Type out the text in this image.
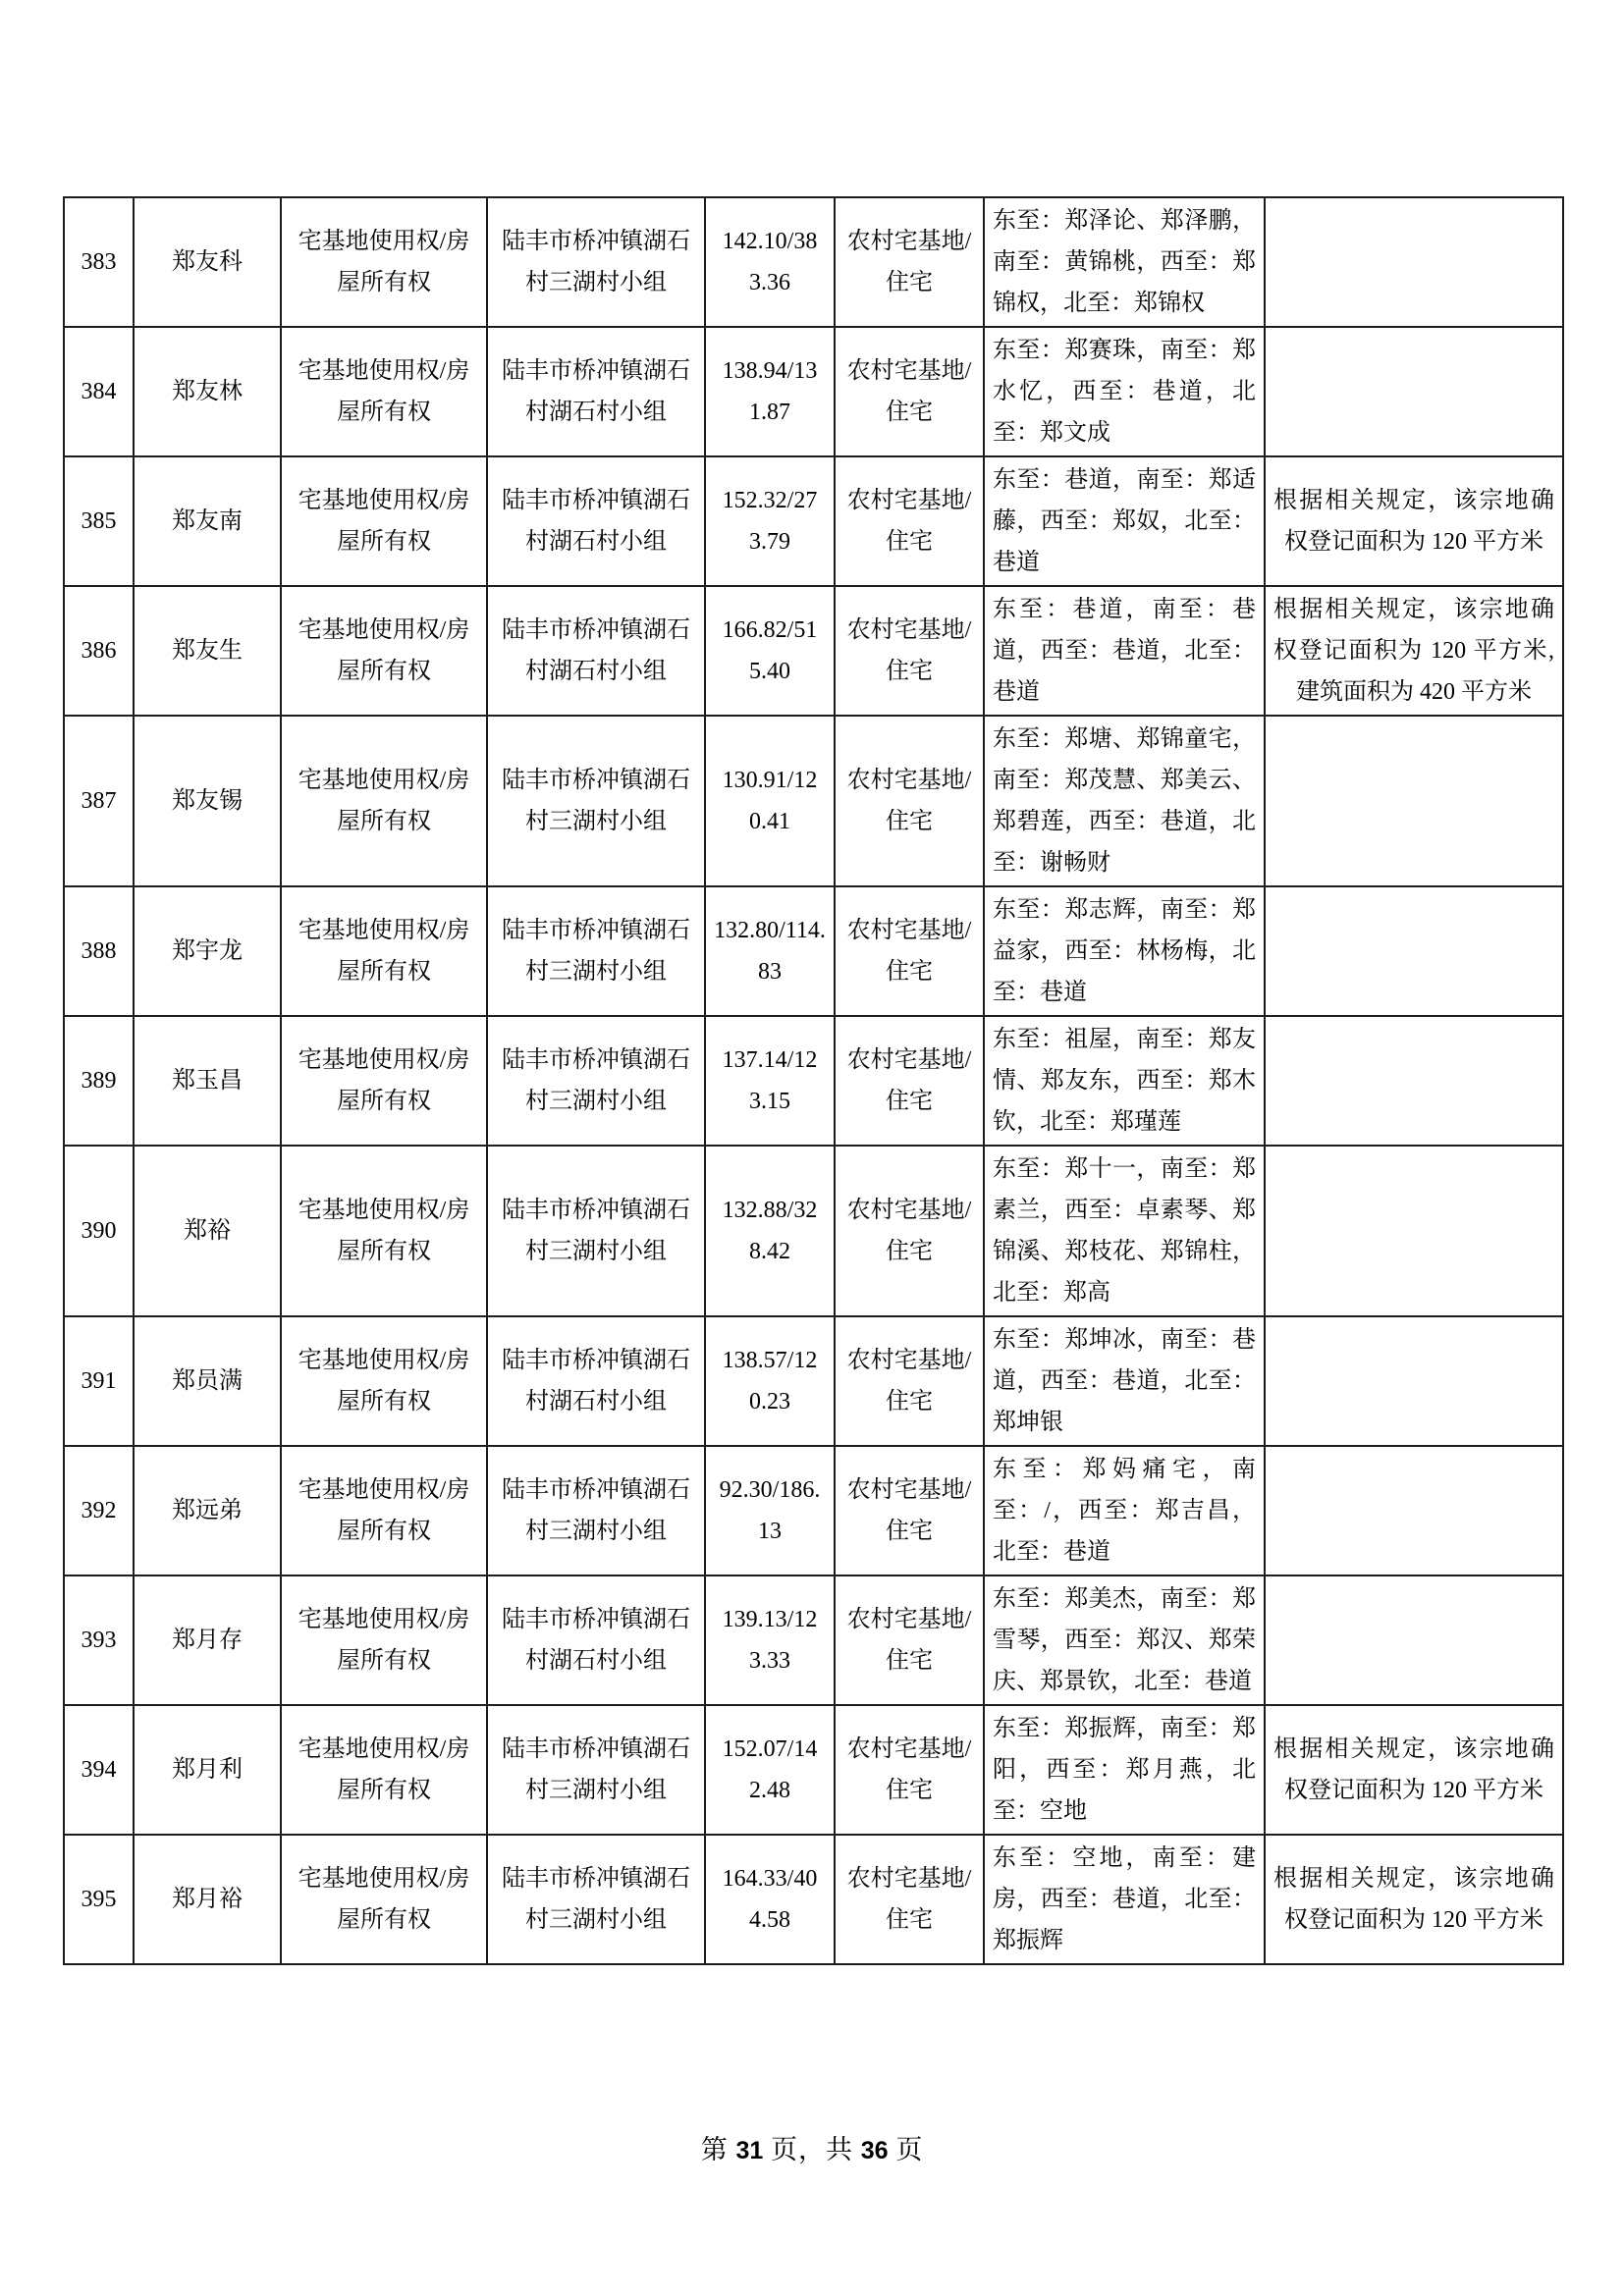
383	郑友科	宅基地使用权/房屋所有权	陆丰市桥冲镇湖石村三湖村小组	142.10/383.36	农村宅基地/住宅	东至：郑泽论、郑泽鹏，南至：黄锦桃，西至：郑锦权，北至：郑锦权	
384	郑友林	宅基地使用权/房屋所有权	陆丰市桥冲镇湖石村湖石村小组	138.94/131.87	农村宅基地/住宅	东至：郑赛珠，南至：郑水忆，西至：巷道，北至：郑文成	
385	郑友南	宅基地使用权/房屋所有权	陆丰市桥冲镇湖石村湖石村小组	152.32/273.79	农村宅基地/住宅	东至：巷道，南至：郑适藤，西至：郑奴，北至：巷道	根据相关规定，该宗地确权登记面积为 120 平方米
386	郑友生	宅基地使用权/房屋所有权	陆丰市桥冲镇湖石村湖石村小组	166.82/515.40	农村宅基地/住宅	东至：巷道，南至：巷道，西至：巷道，北至：巷道	根据相关规定，该宗地确权登记面积为 120 平方米,建筑面积为 420 平方米
387	郑友锡	宅基地使用权/房屋所有权	陆丰市桥冲镇湖石村三湖村小组	130.91/120.41	农村宅基地/住宅	东至：郑塘、郑锦童宅，南至：郑茂慧、郑美云、郑碧莲，西至：巷道，北至：谢畅财	
388	郑宇龙	宅基地使用权/房屋所有权	陆丰市桥冲镇湖石村三湖村小组	132.80/114.83	农村宅基地/住宅	东至：郑志辉，南至：郑益家，西至：林杨梅，北至：巷道	
389	郑玉昌	宅基地使用权/房屋所有权	陆丰市桥冲镇湖石村三湖村小组	137.14/123.15	农村宅基地/住宅	东至：祖屋，南至：郑友情、郑友东，西至：郑木钦，北至：郑瑾莲	
390	郑裕	宅基地使用权/房屋所有权	陆丰市桥冲镇湖石村三湖村小组	132.88/328.42	农村宅基地/住宅	东至：郑十一，南至：郑素兰，西至：卓素琴、郑锦溪、郑枝花、郑锦柱，北至：郑高	
391	郑员满	宅基地使用权/房屋所有权	陆丰市桥冲镇湖石村湖石村小组	138.57/120.23	农村宅基地/住宅	东至：郑坤冰，南至：巷道，西至：巷道，北至：郑坤银	
392	郑远弟	宅基地使用权/房屋所有权	陆丰市桥冲镇湖石村三湖村小组	92.30/186.13	农村宅基地/住宅	东至：郑妈痛宅，南至：/，西至：郑吉昌，北至：巷道	
393	郑月存	宅基地使用权/房屋所有权	陆丰市桥冲镇湖石村湖石村小组	139.13/123.33	农村宅基地/住宅	东至：郑美杰，南至：郑雪琴，西至：郑汉、郑荣庆、郑景钦，北至：巷道	
394	郑月利	宅基地使用权/房屋所有权	陆丰市桥冲镇湖石村三湖村小组	152.07/142.48	农村宅基地/住宅	东至：郑振辉，南至：郑阳，西至：郑月燕，北至：空地	根据相关规定，该宗地确权登记面积为 120 平方米
395	郑月裕	宅基地使用权/房屋所有权	陆丰市桥冲镇湖石村三湖村小组	164.33/404.58	农村宅基地/住宅	东至：空地，南至：建房，西至：巷道，北至：郑振辉	根据相关规定，该宗地确权登记面积为 120 平方米
第 31 页，共 36 页
